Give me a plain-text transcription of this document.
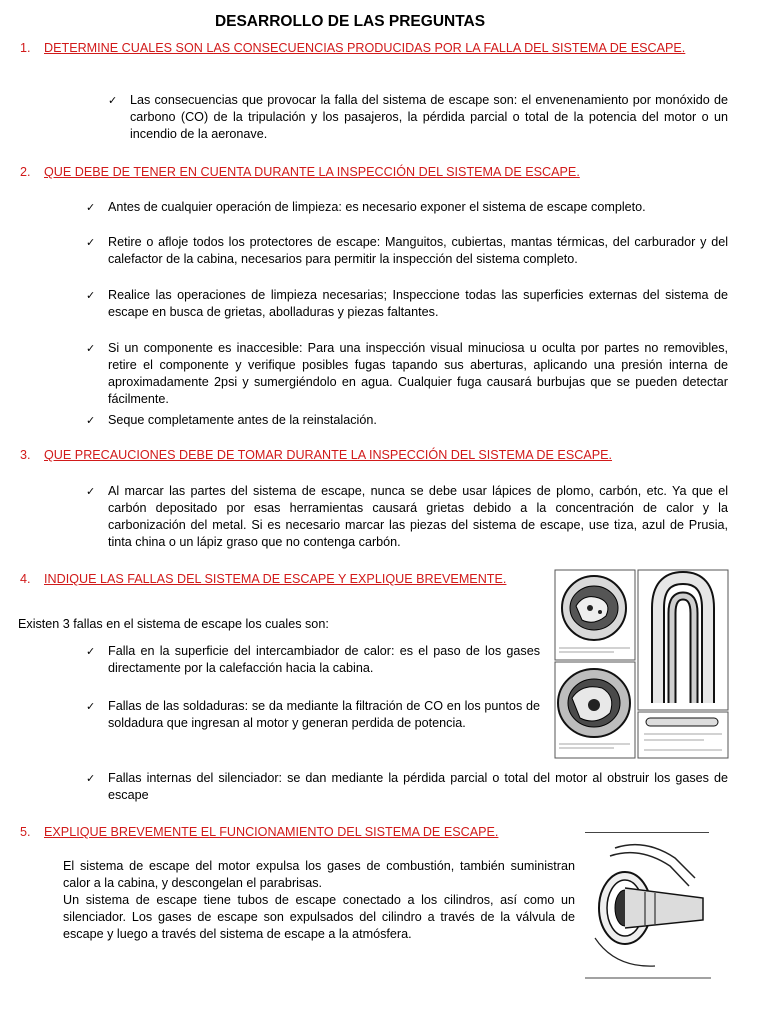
DESARROLLO DE LAS PREGUNTAS
1. DETERMINE CUALES SON LAS CONSECUENCIAS PRODUCIDAS POR LA FALLA DEL SISTEMA DE ESCAPE.
✓ Las consecuencias que provocar la falla del sistema de escape son: el envenenamiento por monóxido de carbono (CO) de la tripulación y los pasajeros, la pérdida parcial o total de la potencia del motor o un incendio de la aeronave.
2. QUE DEBE DE TENER EN CUENTA DURANTE LA INSPECCIÓN DEL SISTEMA DE ESCAPE.
✓ Antes de cualquier operación de limpieza: es necesario exponer el sistema de escape completo.
✓ Retire o afloje todos los protectores de escape: Manguitos, cubiertas, mantas térmicas, del carburador y del calefactor de la cabina, necesarios para permitir la inspección del sistema completo.
✓ Realice las operaciones de limpieza necesarias; Inspeccione todas las superficies externas del sistema de escape en busca de grietas, abolladuras y piezas faltantes.
✓ Si un componente es inaccesible: Para una inspección visual minuciosa u oculta por partes no removibles, retire el componente y verifique posibles fugas tapando sus aberturas, aplicando una presión interna de aproximadamente 2psi y sumergiéndolo en agua. Cualquier fuga causará burbujas que se pueden detectar fácilmente.
✓ Seque completamente antes de la reinstalación.
3. QUE PRECAUCIONES DEBE DE TOMAR DURANTE LA INSPECCIÓN DEL SISTEMA DE ESCAPE.
✓ Al marcar las partes del sistema de escape, nunca se debe usar lápices de plomo, carbón, etc. Ya que el carbón depositado por esas herramientas causará grietas debido a la concentración de calor y la carbonización del metal. Si es necesario marcar las piezas del sistema de escape, use tiza, azul de Prusia, tinta china o un lápiz graso que no contenga carbón.
4. INDIQUE LAS FALLAS DEL SISTEMA DE ESCAPE Y EXPLIQUE BREVEMENTE.
Existen 3 fallas en el sistema de escape los cuales son:
✓ Falla en la superficie del intercambiador de calor: es el paso de los gases directamente por la calefacción hacia la cabina.
✓ Fallas de las soldaduras: se da mediante la filtración de CO en los puntos de soldadura que ingresan al motor y generan perdida de potencia.
✓ Fallas internas del silenciador: se dan mediante la pérdida parcial o total del motor al obstruir los gases de escape
5. EXPLIQUE BREVEMENTE EL FUNCIONAMIENTO DEL SISTEMA DE ESCAPE.
El sistema de escape del motor expulsa los gases de combustión, también suministran calor a la cabina, y descongelan el parabrisas.
Un sistema de escape tiene tubos de escape conectado a los cilindros, así como un silenciador. Los gases de escape son expulsados del cilindro a través de la válvula de escape y luego a través del sistema de escape a la atmósfera.
